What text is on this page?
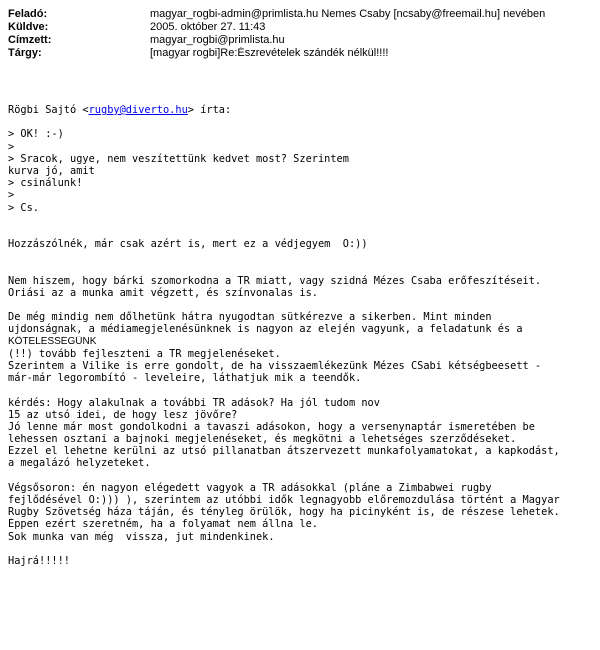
Feladó:	magyar_rogbi-admin@primlista.hu Nemes Csaby [ncsaby@freemail.hu] nevében
Küldve:	2005. október 27. 11:43
Címzett:	magyar_rogbi@primlista.hu
Tárgy:	[magyar rogbi]Re:Észrevételek szándék nélkül!!!!
Rögbi Sajtó <rugby@diverto.hu> írta:
> OK! :-)
>
> Sracok, ugye, nem veszítettünk kedvet most? Szerintem
kurva jó, amit
> csinálunk!
>
> Cs.
Hozzászólnék, már csak azért is, mert ez a védjegyem  O:))
Nem hiszem, hogy bárki szomorkodna a TR miatt, vagy szidná Mézes Csaba erőfeszítéseit.
Oriási az a munka amit végzett, és színvonalas is.
De még mindig nem dőlhetünk hátra nyugodtan sütkérezve a sikerben. Mint minden
ujdonságnak, a médiamegjelenésünknek is nagyon az elején vagyunk, a feladatunk és a
KÖTELESSÉGÜNK
(!!) tovább fejleszteni a TR megjelenéseket.
Szerintem a Vilike is erre gondolt, de ha visszaemlékezünk Mézes CSabi kétségbeesett -
már-már legorombító - leveleire, láthatjuk mik a teendők.
kérdés: Hogy alakulnak a további TR adások? Ha jól tudom nov
15 az utsó idei, de hogy lesz jövőre?
Jó lenne már most gondolkodni a tavaszi adásokon, hogy a versenynaptár ismeretében be
lehessen osztani a bajnoki megjelenéseket, és megkötni a lehetséges szerződéseket.
Ezzel el lehetne kerülni az utsó pillanatban átszervezett munkafolyamatokat, a kapkodást,
a megalázó helyzeteket.
Végsősoron: én nagyon elégedett vagyok a TR adásokkal (pláne a Zimbabwei rugby
fejlődésével O:))) ), szerintem az utóbbi idők legnagyobb előremozdulása történt a Magyar
Rugby Szövetség háza táján, és tényleg örülök, hogy ha picinyként is, de részese lehetek.
Éppen ezért szeretném, ha a folyamat nem állna le.
Sok munka van még  vissza, jut mindenkinek.
Hajrá!!!!!
